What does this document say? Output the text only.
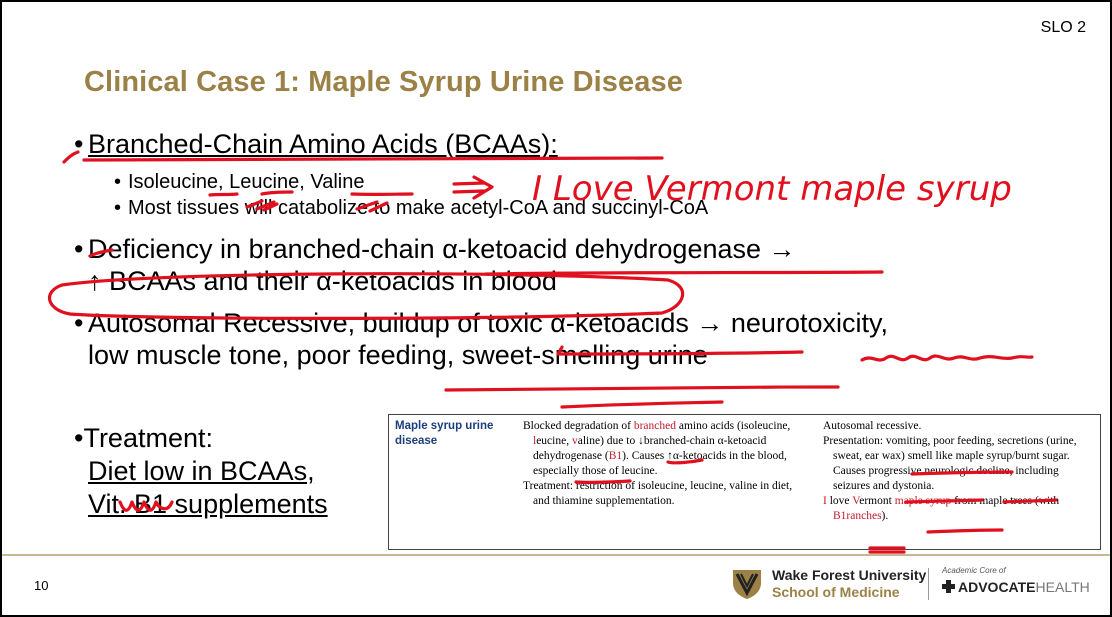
SLO 2
Clinical Case 1: Maple Syrup Urine Disease
• Branched-Chain Amino Acids (BCAAs):
• Isoleucine, Leucine, Valine
• Most tissues will catabolize to make acetyl-CoA and succinyl-CoA
• Deficiency in branched-chain α-ketoacid dehydrogenase →
↑ BCAAs and their α-ketoacids in blood
• Autosomal Recessive, buildup of toxic α-ketoacids → neurotoxicity,
low muscle tone, poor feeding, sweet-smelling urine
•Treatment:
Diet low in BCAAs,
Vit. B1 supplements
Maple syrup urine disease

Blocked degradation of branched amino acids (isoleucine, leucine, valine) due to ↓branched-chain α-ketoacid dehydrogenase (B1). Causes ↑α-ketoacids in the blood, especially those of leucine.

Treatment: restriction of isoleucine, leucine, valine in diet, and thiamine supplementation.

Autosomal recessive.

Presentation: vomiting, poor feeding, secretions (urine, sweat, ear wax) smell like maple syrup/burnt sugar. Causes progressive neurologic decline, including seizures and dystonia.

I love Vermont maple syrup from maple trees (with B1ranches).

10
Wake Forest University
School of Medicine
Academic Core of
ADVOCATEHEALTH
I Love Vermont maple syrup
